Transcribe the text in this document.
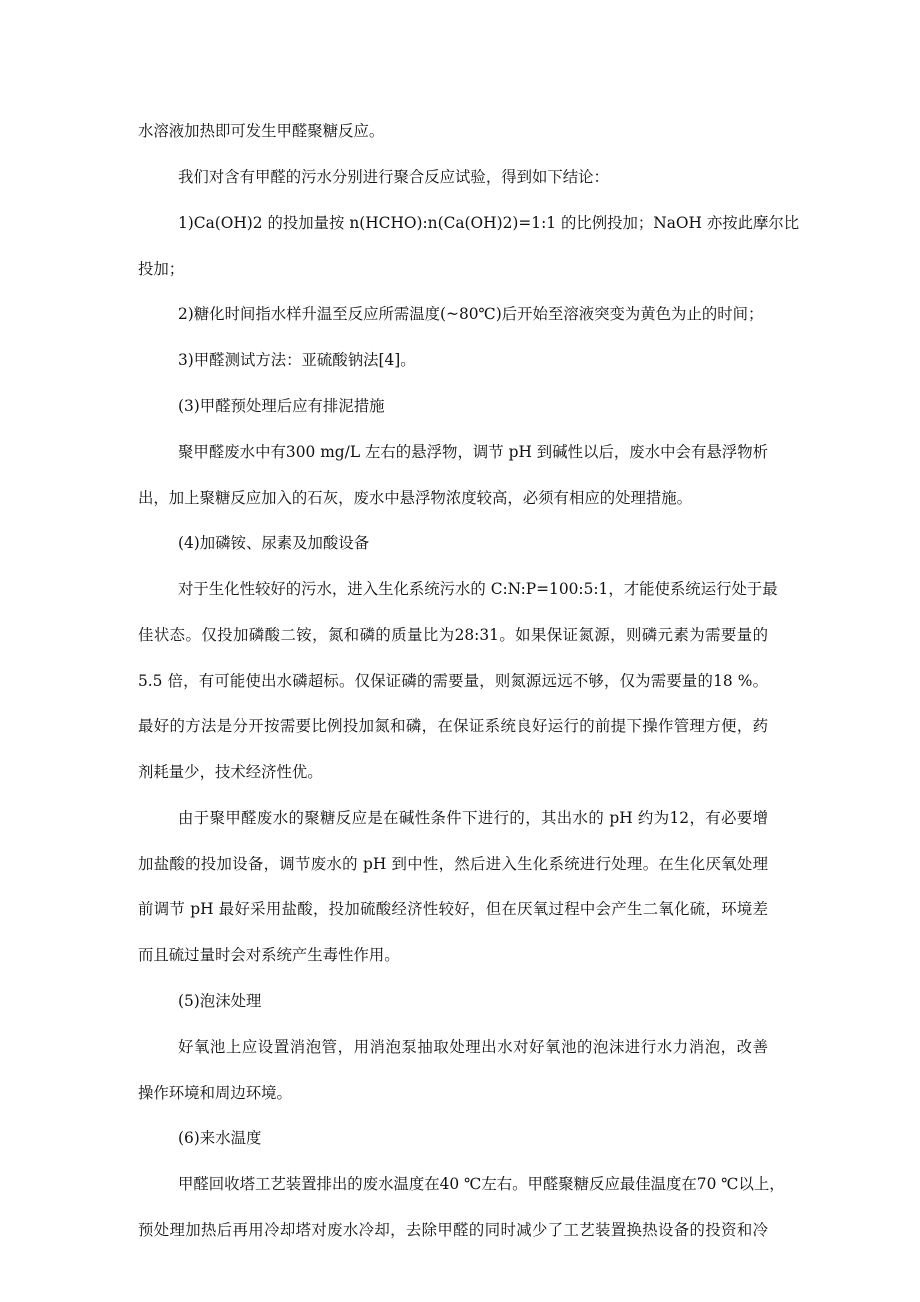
水溶液加热即可发生甲醛聚糖反应。

我们对含有甲醛的污水分别进行聚合反应试验，得到如下结论：

1)Ca(OH)2 的投加量按 n(HCHO):n(Ca(OH)2)=1:1 的比例投加；NaOH 亦按此摩尔比

投加；

2)糖化时间指水样升温至反应所需温度(~80℃)后开始至溶液突变为黄色为止的时间；

3)甲醛测试方法：亚硫酸钠法[4]。

(3)甲醛预处理后应有排泥措施

聚甲醛废水中有300 mg/L 左右的悬浮物，调节 pH 到碱性以后，废水中会有悬浮物析

出，加上聚糖反应加入的石灰，废水中悬浮物浓度较高，必须有相应的处理措施。

(4)加磷铵、尿素及加酸设备

对于生化性较好的污水，进入生化系统污水的 C:N:P=100:5:1，才能使系统运行处于最

佳状态。仅投加磷酸二铵，氮和磷的质量比为28:31。如果保证氮源，则磷元素为需要量的

5.5 倍，有可能使出水磷超标。仅保证磷的需要量，则氮源远远不够，仅为需要量的18 %。

最好的方法是分开按需要比例投加氮和磷，在保证系统良好运行的前提下操作管理方便，药

剂耗量少，技术经济性优。

由于聚甲醛废水的聚糖反应是在碱性条件下进行的，其出水的 pH 约为12，有必要增

加盐酸的投加设备，调节废水的 pH 到中性，然后进入生化系统进行处理。在生化厌氧处理

前调节 pH 最好采用盐酸，投加硫酸经济性较好，但在厌氧过程中会产生二氧化硫，环境差

而且硫过量时会对系统产生毒性作用。

(5)泡沫处理

好氧池上应设置消泡管，用消泡泵抽取处理出水对好氧池的泡沫进行水力消泡，改善

操作环境和周边环境。

(6)来水温度

甲醛回收塔工艺装置排出的废水温度在40 ℃左右。甲醛聚糖反应最佳温度在70 ℃以上，

预处理加热后再用冷却塔对废水冷却，去除甲醛的同时减少了工艺装置换热设备的投资和冷
